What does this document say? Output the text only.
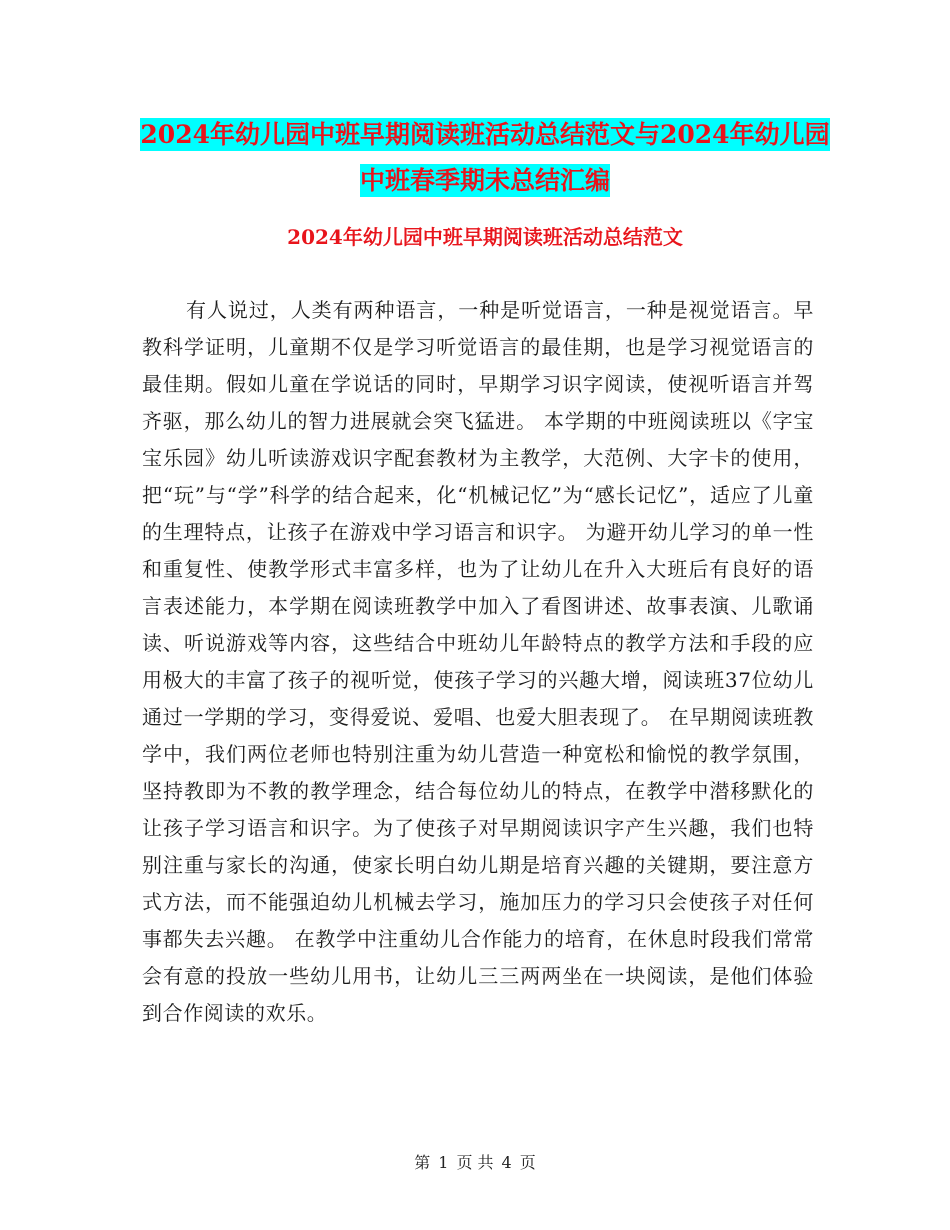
2024年幼儿园中班早期阅读班活动总结范文与2024年幼儿园中班春季期未总结汇编
2024年幼儿园中班早期阅读班活动总结范文

有人说过，人类有两种语言，一种是听觉语言，一种是视觉语言。早教科学证明，儿童期不仅是学习听觉语言的最佳期，也是学习视觉语言的最佳期。假如儿童在学说话的同时，早期学习识字阅读，使视听语言并驾齐驱，那么幼儿的智力进展就会突飞猛进。 本学期的中班阅读班以《字宝宝乐园》幼儿听读游戏识字配套教材为主教学，大范例、大字卡的使用，把“玩”与“学”科学的结合起来，化“机械记忆”为“感长记忆”，适应了儿童的生理特点，让孩子在游戏中学习语言和识字。 为避开幼儿学习的单一性和重复性、使教学形式丰富多样，也为了让幼儿在升入大班后有良好的语言表述能力，本学期在阅读班教学中加入了看图讲述、故事表演、儿歌诵读、听说游戏等内容，这些结合中班幼儿年龄特点的教学方法和手段的应用极大的丰富了孩子的视听觉，使孩子学习的兴趣大增，阅读班37位幼儿通过一学期的学习，变得爱说、爱唱、也爱大胆表现了。 在早期阅读班教学中，我们两位老师也特别注重为幼儿营造一种宽松和愉悦的教学氛围，坚持教即为不教的教学理念，结合每位幼儿的特点，在教学中潜移默化的让孩子学习语言和识字。为了使孩子对早期阅读识字产生兴趣，我们也特别注重与家长的沟通，使家长明白幼儿期是培育兴趣的关键期，要注意方式方法，而不能强迫幼儿机械去学习，施加压力的学习只会使孩子对任何事都失去兴趣。 在教学中注重幼儿合作能力的培育，在休息时段我们常常会有意的投放一些幼儿用书，让幼儿三三两两坐在一块阅读，是他们体验到合作阅读的欢乐。

第 1 页 共 4 页
